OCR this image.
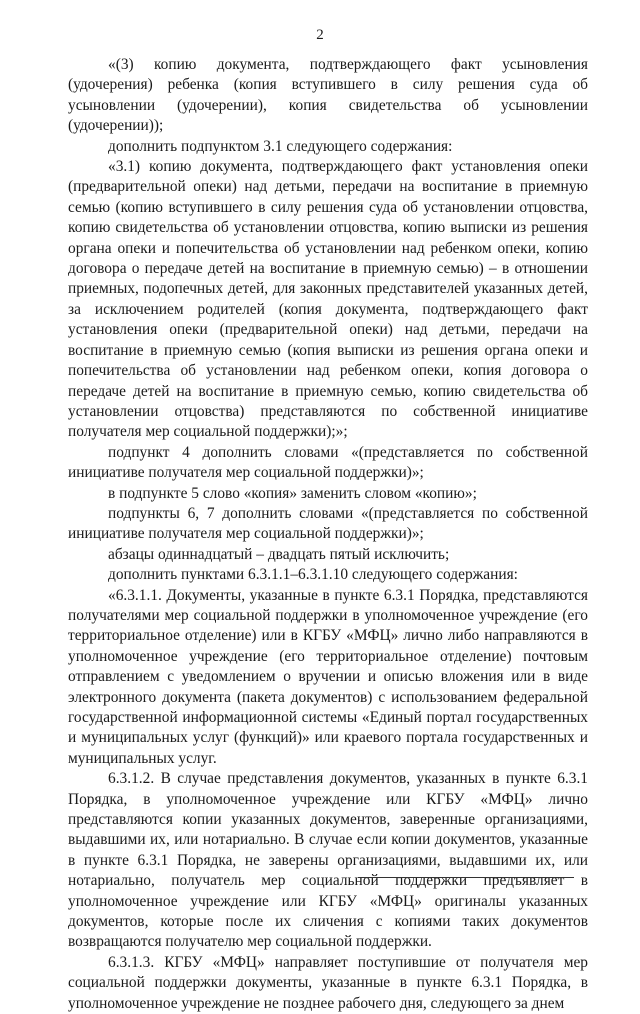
2

«(3) копию документа, подтверждающего факт усыновления (удочерения) ребенка (копия вступившего в силу решения суда об усыновлении (удочерении), копия свидетельства об усыновлении (удочерении));

дополнить подпунктом 3.1 следующего содержания:

«3.1) копию документа, подтверждающего факт установления опеки (предварительной опеки) над детьми, передачи на воспитание в приемную семью (копию вступившего в силу решения суда об установлении отцовства, копию свидетельства об установлении отцовства, копию выписки из решения органа опеки и попечительства об установлении над ребенком опеки, копию договора о передаче детей на воспитание в приемную семью) – в отношении приемных, подопечных детей, для законных представителей указанных детей, за исключением родителей (копия документа, подтверждающего факт установления опеки (предварительной опеки) над детьми, передачи на воспитание в приемную семью (копия выписки из решения органа опеки и попечительства об установлении над ребенком опеки, копия договора о передаче детей на воспитание в приемную семью, копию свидетельства об установлении отцовства) представляются по собственной инициативе получателя мер социальной поддержки);»;

подпункт 4 дополнить словами «(представляется по собственной инициативе получателя мер социальной поддержки)»;

в подпункте 5 слово «копия» заменить словом «копию»;

подпункты 6, 7 дополнить словами «(представляется по собственной инициативе получателя мер социальной поддержки)»;

абзацы одиннадцатый – двадцать пятый исключить;

дополнить пунктами 6.3.1.1–6.3.1.10 следующего содержания:

«6.3.1.1. Документы, указанные в пункте 6.3.1 Порядка, представляются получателями мер социальной поддержки в уполномоченное учреждение (его территориальное отделение) или в КГБУ «МФЦ» лично либо направляются в уполномоченное учреждение (его территориальное отделение) почтовым отправлением с уведомлением о вручении и описью вложения или в виде электронного документа (пакета документов) с использованием федеральной государственной информационной системы «Единый портал государственных и муниципальных услуг (функций)» или краевого портала государственных и муниципальных услуг.

6.3.1.2. В случае представления документов, указанных в пункте 6.3.1 Порядка, в уполномоченное учреждение или КГБУ «МФЦ» лично представляются копии указанных документов, заверенные организациями, выдавшими их, или нотариально. В случае если копии документов, указанные в пункте 6.3.1 Порядка, не заверены организациями, выдавшими их, или нотариально, получатель мер социальной поддержки предъявляет в уполномоченное учреждение или КГБУ «МФЦ» оригиналы указанных документов, которые после их сличения с копиями таких документов возвращаются получателю мер социальной поддержки.

6.3.1.3. КГБУ «МФЦ» направляет поступившие от получателя мер социальной поддержки документы, указанные в пункте 6.3.1 Порядка, в уполномоченное учреждение не позднее рабочего дня, следующего за днем
